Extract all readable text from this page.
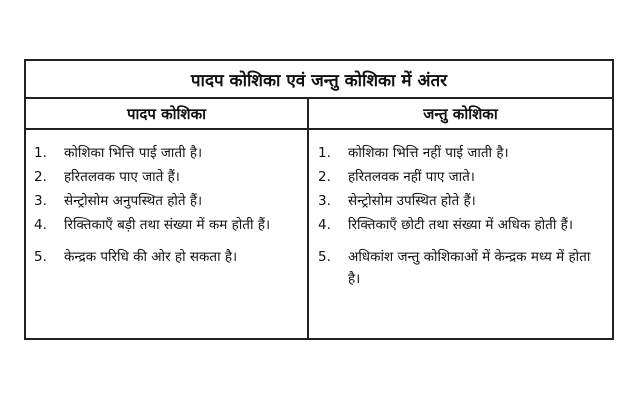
पादप कोशिका एवं जन्तु कोशिका में अंतर
पादप कोशिका	जन्तु कोशिका
1.	कोशिका भित्ति पाई जाती है।
2.	हरितलवक पाए जाते हैं।
3.	सेन्ट्रोसोम अनुपस्थित होते हैं।
4.	रिक्तिकाएँ बड़ी तथा संख्या में कम होती हैं।
5.	केन्द्रक परिधि की ओर हो सकता है।
1.	कोशिका भित्ति नहीं पाई जाती है।
2.	हरितलवक नहीं पाए जाते।
3.	सेन्ट्रोसोम उपस्थित होते हैं।
4.	रिक्तिकाएँ छोटी तथा संख्या में अधिक होती हैं।
5.	अधिकांश जन्तु कोशिकाओं में केन्द्रक मध्य में होता है।
